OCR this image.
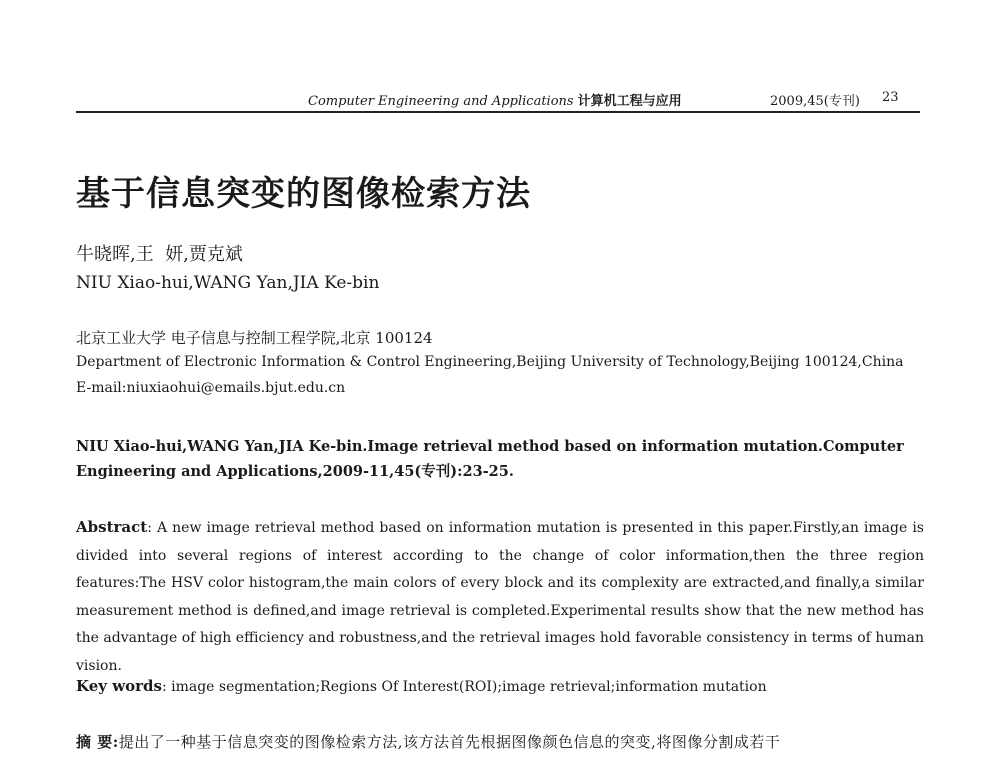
Computer Engineering and Applications 计算机工程与应用	2009,45(专刊) 23
基于信息突变的图像检索方法
牛晓晖,王  妍,贾克斌
NIU Xiao-hui,WANG Yan,JIA Ke-bin
北京工业大学 电子信息与控制工程学院,北京 100124
Department of Electronic Information & Control Engineering,Beijing University of Technology,Beijing 100124,China
E-mail:niuxiaohui@emails.bjut.edu.cn

NIU Xiao-hui,WANG Yan,JIA Ke-bin.Image retrieval method based on information mutation.Computer Engineering and Applications,2009-11,45(专刊):23-25.

Abstract: A new image retrieval method based on information mutation is presented in this paper.Firstly,an image is divided into several regions of interest according to the change of color information,then the three region features:The HSV color histogram,the main colors of every block and its complexity are extracted,and finally,a similar measurement method is defined,and image retrieval is completed.Experimental results show that the new method has the advantage of high efficiency and robustness,and the retrieval images hold favorable consistency in terms of human vision.

Key words: image segmentation;Regions Of Interest(ROI);image retrieval;information mutation

摘 要:提出了一种基于信息突变的图像检索方法,该方法首先根据图像颜色信息的突变,将图像分割成若干
